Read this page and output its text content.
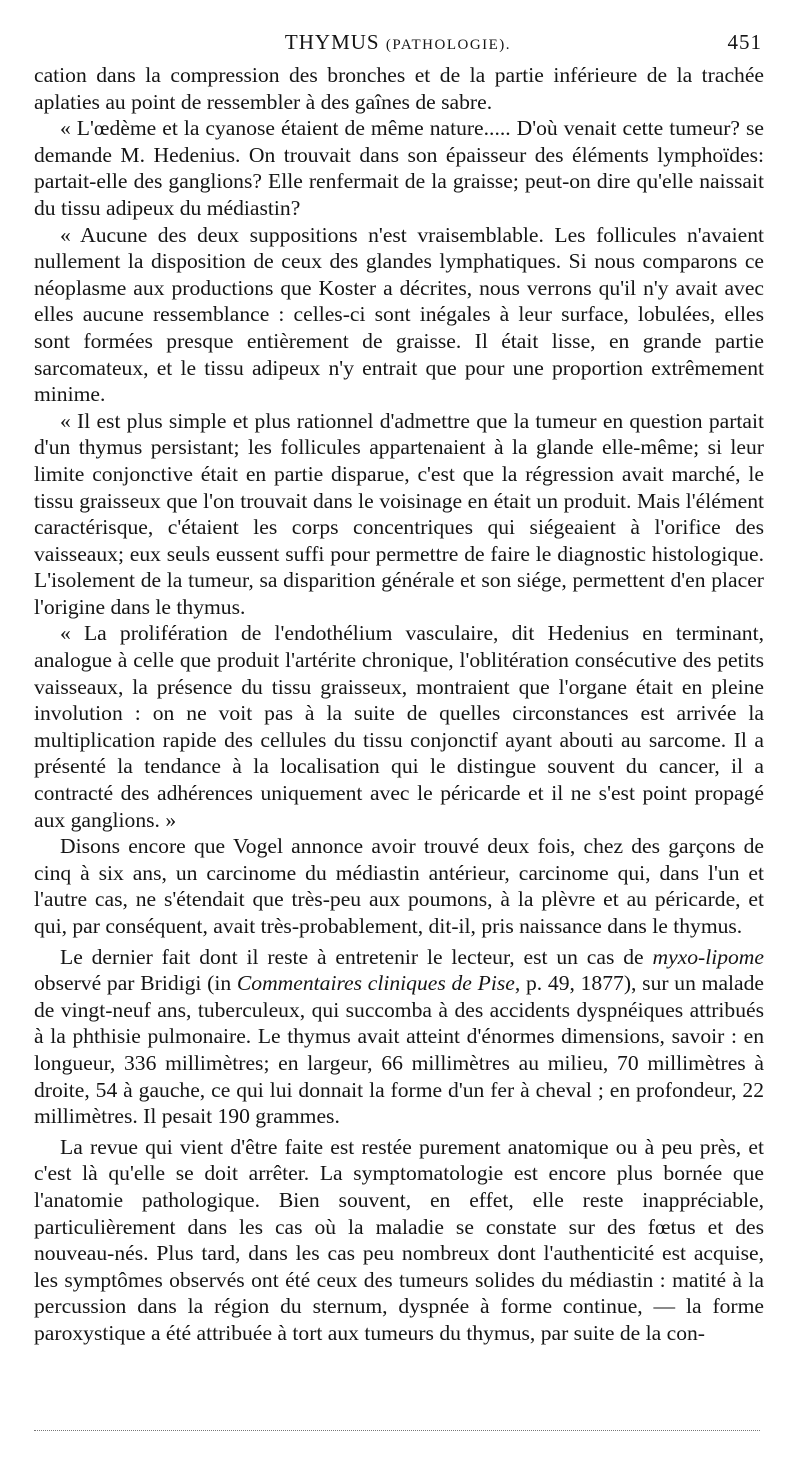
THYMUS (PATHOLOGIE).	451

cation dans la compression des bronches et de la partie inférieure de la trachée aplaties au point de ressembler à des gaînes de sabre.

« L'œdème et la cyanose étaient de même nature..... D'où venait cette tumeur? se demande M. Hedenius. On trouvait dans son épaisseur des éléments lymphoïdes: partait-elle des ganglions? Elle renfermait de la graisse; peut-on dire qu'elle naissait du tissu adipeux du médiastin?

« Aucune des deux suppositions n'est vraisemblable. Les follicules n'avaient nullement la disposition de ceux des glandes lymphatiques. Si nous comparons ce néoplasme aux productions que Koster a décrites, nous verrons qu'il n'y avait avec elles aucune ressemblance : celles-ci sont inégales à leur surface, lobulées, elles sont formées presque entièrement de graisse. Il était lisse, en grande partie sarcomateux, et le tissu adipeux n'y entrait que pour une proportion extrêmement minime.

« Il est plus simple et plus rationnel d'admettre que la tumeur en question partait d'un thymus persistant; les follicules appartenaient à la glande elle-même; si leur limite conjonctive était en partie disparue, c'est que la régression avait marché, le tissu graisseux que l'on trouvait dans le voisinage en était un produit. Mais l'élément caractérisque, c'étaient les corps concentriques qui siégeaient à l'orifice des vaisseaux; eux seuls eussent suffi pour permettre de faire le diagnostic histologique. L'isolement de la tumeur, sa disparition générale et son siége, permettent d'en placer l'origine dans le thymus.

« La prolifération de l'endothélium vasculaire, dit Hedenius en terminant, analogue à celle que produit l'artérite chronique, l'oblitération consécutive des petits vaisseaux, la présence du tissu graisseux, montraient que l'organe était en pleine involution : on ne voit pas à la suite de quelles circonstances est arrivée la multiplication rapide des cellules du tissu conjonctif ayant abouti au sarcome. Il a présenté la tendance à la localisation qui le distingue souvent du cancer, il a contracté des adhérences uniquement avec le péricarde et il ne s'est point propagé aux ganglions. »

Disons encore que Vogel annonce avoir trouvé deux fois, chez des garçons de cinq à six ans, un carcinome du médiastin antérieur, carcinome qui, dans l'un et l'autre cas, ne s'étendait que très-peu aux poumons, à la plèvre et au péricarde, et qui, par conséquent, avait très-probablement, dit-il, pris naissance dans le thymus.

Le dernier fait dont il reste à entretenir le lecteur, est un cas de myxo-lipome observé par Bridigi (in Commentaires cliniques de Pise, p. 49, 1877), sur un malade de vingt-neuf ans, tuberculeux, qui succomba à des accidents dyspnéiques attribués à la phthisie pulmonaire. Le thymus avait atteint d'énormes dimensions, savoir : en longueur, 336 millimètres; en largeur, 66 millimètres au milieu, 70 millimètres à droite, 54 à gauche, ce qui lui donnait la forme d'un fer à cheval ; en profondeur, 22 millimètres. Il pesait 190 grammes.

La revue qui vient d'être faite est restée purement anatomique ou à peu près, et c'est là qu'elle se doit arrêter. La symptomatologie est encore plus bornée que l'anatomie pathologique. Bien souvent, en effet, elle reste inappréciable, particulièrement dans les cas où la maladie se constate sur des fœtus et des nouveau-nés. Plus tard, dans les cas peu nombreux dont l'authenticité est acquise, les symptômes observés ont été ceux des tumeurs solides du médiastin : matité à la percussion dans la région du sternum, dyspnée à forme continue, — la forme paroxystique a été attribuée à tort aux tumeurs du thymus, par suite de la con-
